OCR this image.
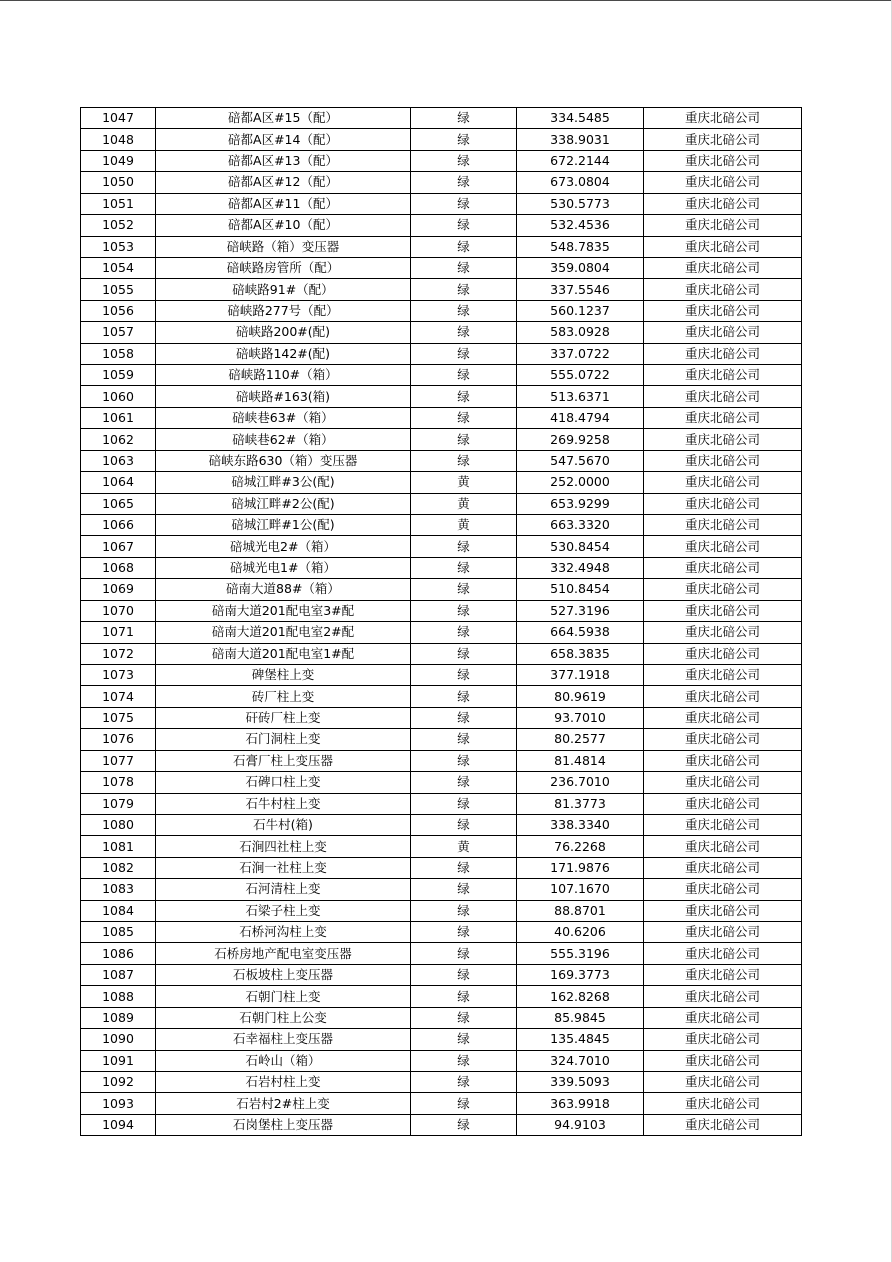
1047	碚都A区#15（配）	绿	334.5485	重庆北碚公司
1048	碚都A区#14（配）	绿	338.9031	重庆北碚公司
1049	碚都A区#13（配）	绿	672.2144	重庆北碚公司
1050	碚都A区#12（配）	绿	673.0804	重庆北碚公司
1051	碚都A区#11（配）	绿	530.5773	重庆北碚公司
1052	碚都A区#10（配）	绿	532.4536	重庆北碚公司
1053	碚峡路（箱）变压器	绿	548.7835	重庆北碚公司
1054	碚峡路房管所（配）	绿	359.0804	重庆北碚公司
1055	碚峡路91#（配）	绿	337.5546	重庆北碚公司
1056	碚峡路277号（配）	绿	560.1237	重庆北碚公司
1057	碚峡路200#(配)	绿	583.0928	重庆北碚公司
1058	碚峡路142#(配)	绿	337.0722	重庆北碚公司
1059	碚峡路110#（箱）	绿	555.0722	重庆北碚公司
1060	碚峡路#163(箱)	绿	513.6371	重庆北碚公司
1061	碚峡巷63#（箱）	绿	418.4794	重庆北碚公司
1062	碚峡巷62#（箱）	绿	269.9258	重庆北碚公司
1063	碚峡东路630（箱）变压器	绿	547.5670	重庆北碚公司
1064	碚城江畔#3公(配)	黄	252.0000	重庆北碚公司
1065	碚城江畔#2公(配)	黄	653.9299	重庆北碚公司
1066	碚城江畔#1公(配)	黄	663.3320	重庆北碚公司
1067	碚城光电2#（箱）	绿	530.8454	重庆北碚公司
1068	碚城光电1#（箱）	绿	332.4948	重庆北碚公司
1069	碚南大道88#（箱）	绿	510.8454	重庆北碚公司
1070	碚南大道201配电室3#配	绿	527.3196	重庆北碚公司
1071	碚南大道201配电室2#配	绿	664.5938	重庆北碚公司
1072	碚南大道201配电室1#配	绿	658.3835	重庆北碚公司
1073	碑堡柱上变	绿	377.1918	重庆北碚公司
1074	砖厂柱上变	绿	80.9619	重庆北碚公司
1075	矸砖厂柱上变	绿	93.7010	重庆北碚公司
1076	石门洞柱上变	绿	80.2577	重庆北碚公司
1077	石膏厂柱上变压器	绿	81.4814	重庆北碚公司
1078	石碑口柱上变	绿	236.7010	重庆北碚公司
1079	石牛村柱上变	绿	81.3773	重庆北碚公司
1080	石牛村(箱)	绿	338.3340	重庆北碚公司
1081	石涧四社柱上变	黄	76.2268	重庆北碚公司
1082	石涧一社柱上变	绿	171.9876	重庆北碚公司
1083	石河清柱上变	绿	107.1670	重庆北碚公司
1084	石梁子柱上变	绿	88.8701	重庆北碚公司
1085	石桥河沟柱上变	绿	40.6206	重庆北碚公司
1086	石桥房地产配电室变压器	绿	555.3196	重庆北碚公司
1087	石板坡柱上变压器	绿	169.3773	重庆北碚公司
1088	石朝门柱上变	绿	162.8268	重庆北碚公司
1089	石朝门柱上公变	绿	85.9845	重庆北碚公司
1090	石幸福柱上变压器	绿	135.4845	重庆北碚公司
1091	石岭山（箱）	绿	324.7010	重庆北碚公司
1092	石岩村柱上变	绿	339.5093	重庆北碚公司
1093	石岩村2#柱上变	绿	363.9918	重庆北碚公司
1094	石岗堡柱上变压器	绿	94.9103	重庆北碚公司
